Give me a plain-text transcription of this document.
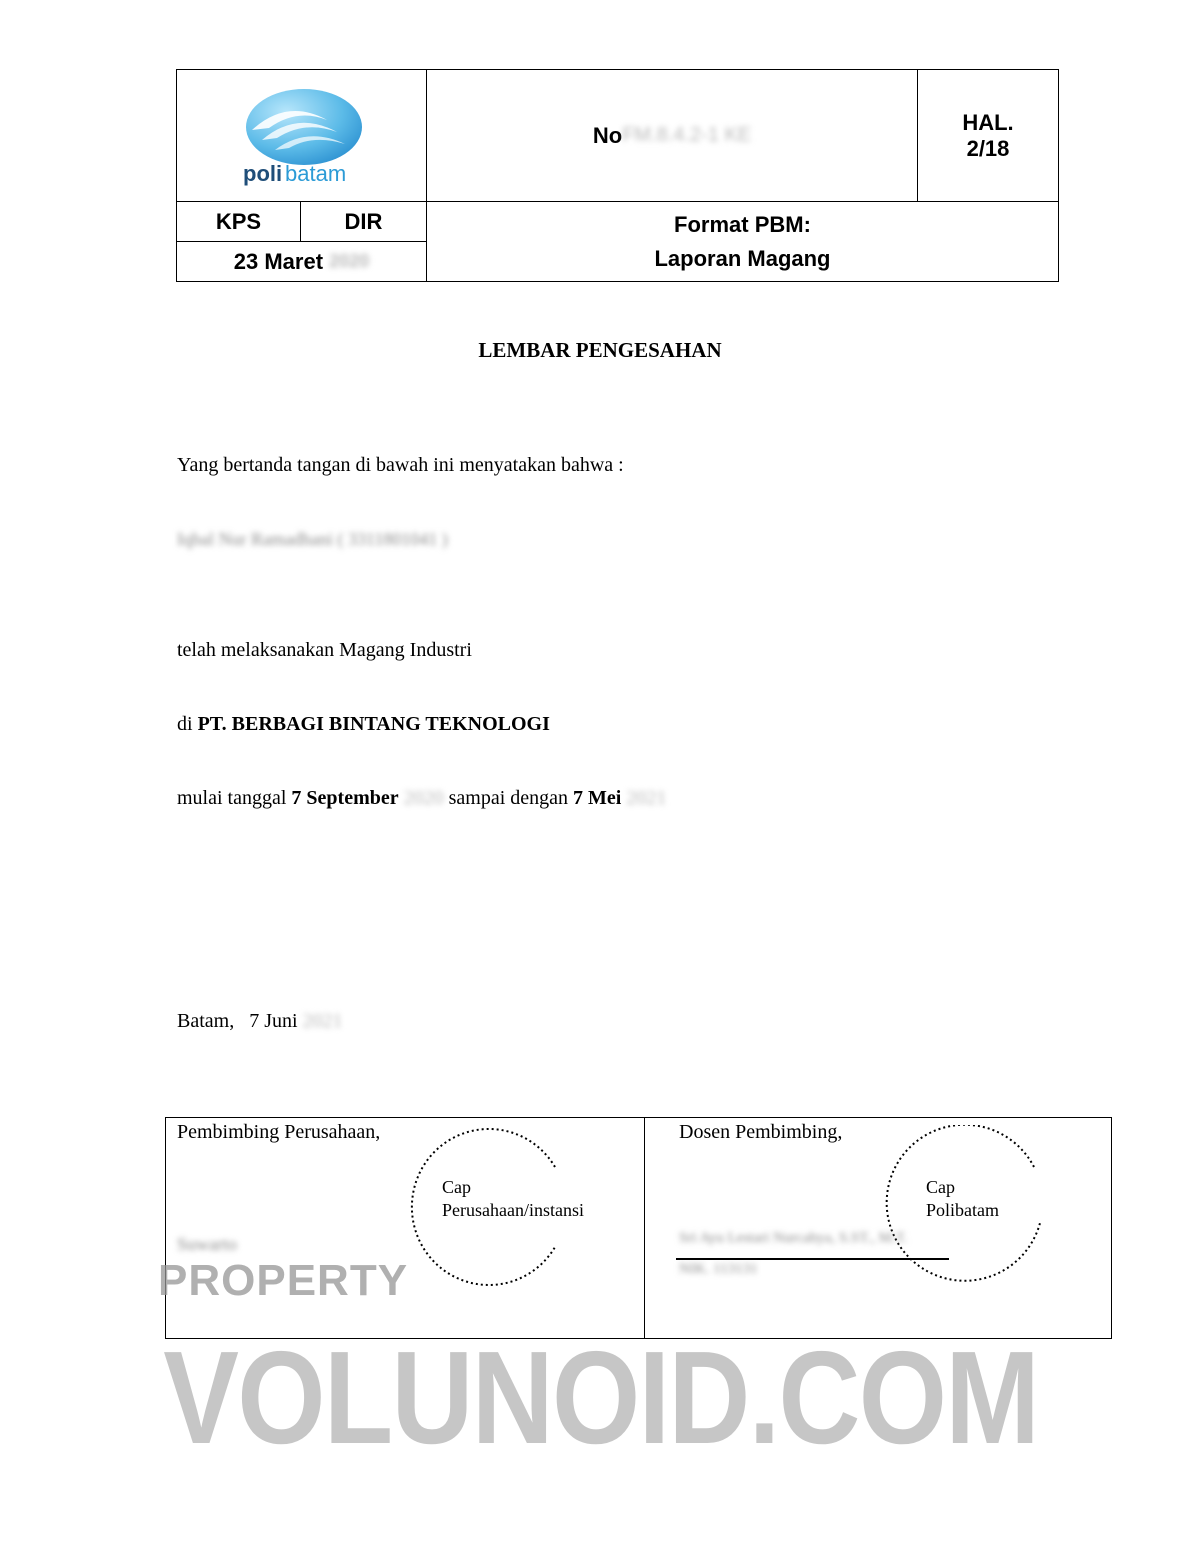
poli batam
No FM.8.4.2-1 KE
HAL.
2/18
KPS	DIR
23 Maret
2020
Format PBM:
Laporan Magang
LEMBAR PENGESAHAN
Yang bertanda tangan di bawah ini menyatakan bahwa :
Iqbal Nur Ramadhani ( 3311801041 )
telah melaksanakan Magang Industri
di PT. BERBAGI BINTANG TEKNOLOGI
mulai tanggal 7 September 2020 sampai dengan 7 Mei 2021
Batam,   7 Juni 2021
Pembimbing Perusahaan,
Cap
Perusahaan/instansi
Suwarto
Dosen Pembimbing,
Cap
Polibatam
Sri Ayu Lestari Nurcahya, S.ST., M.T.
NIK. 113131
PROPERTY
VOLUNOID.COM
